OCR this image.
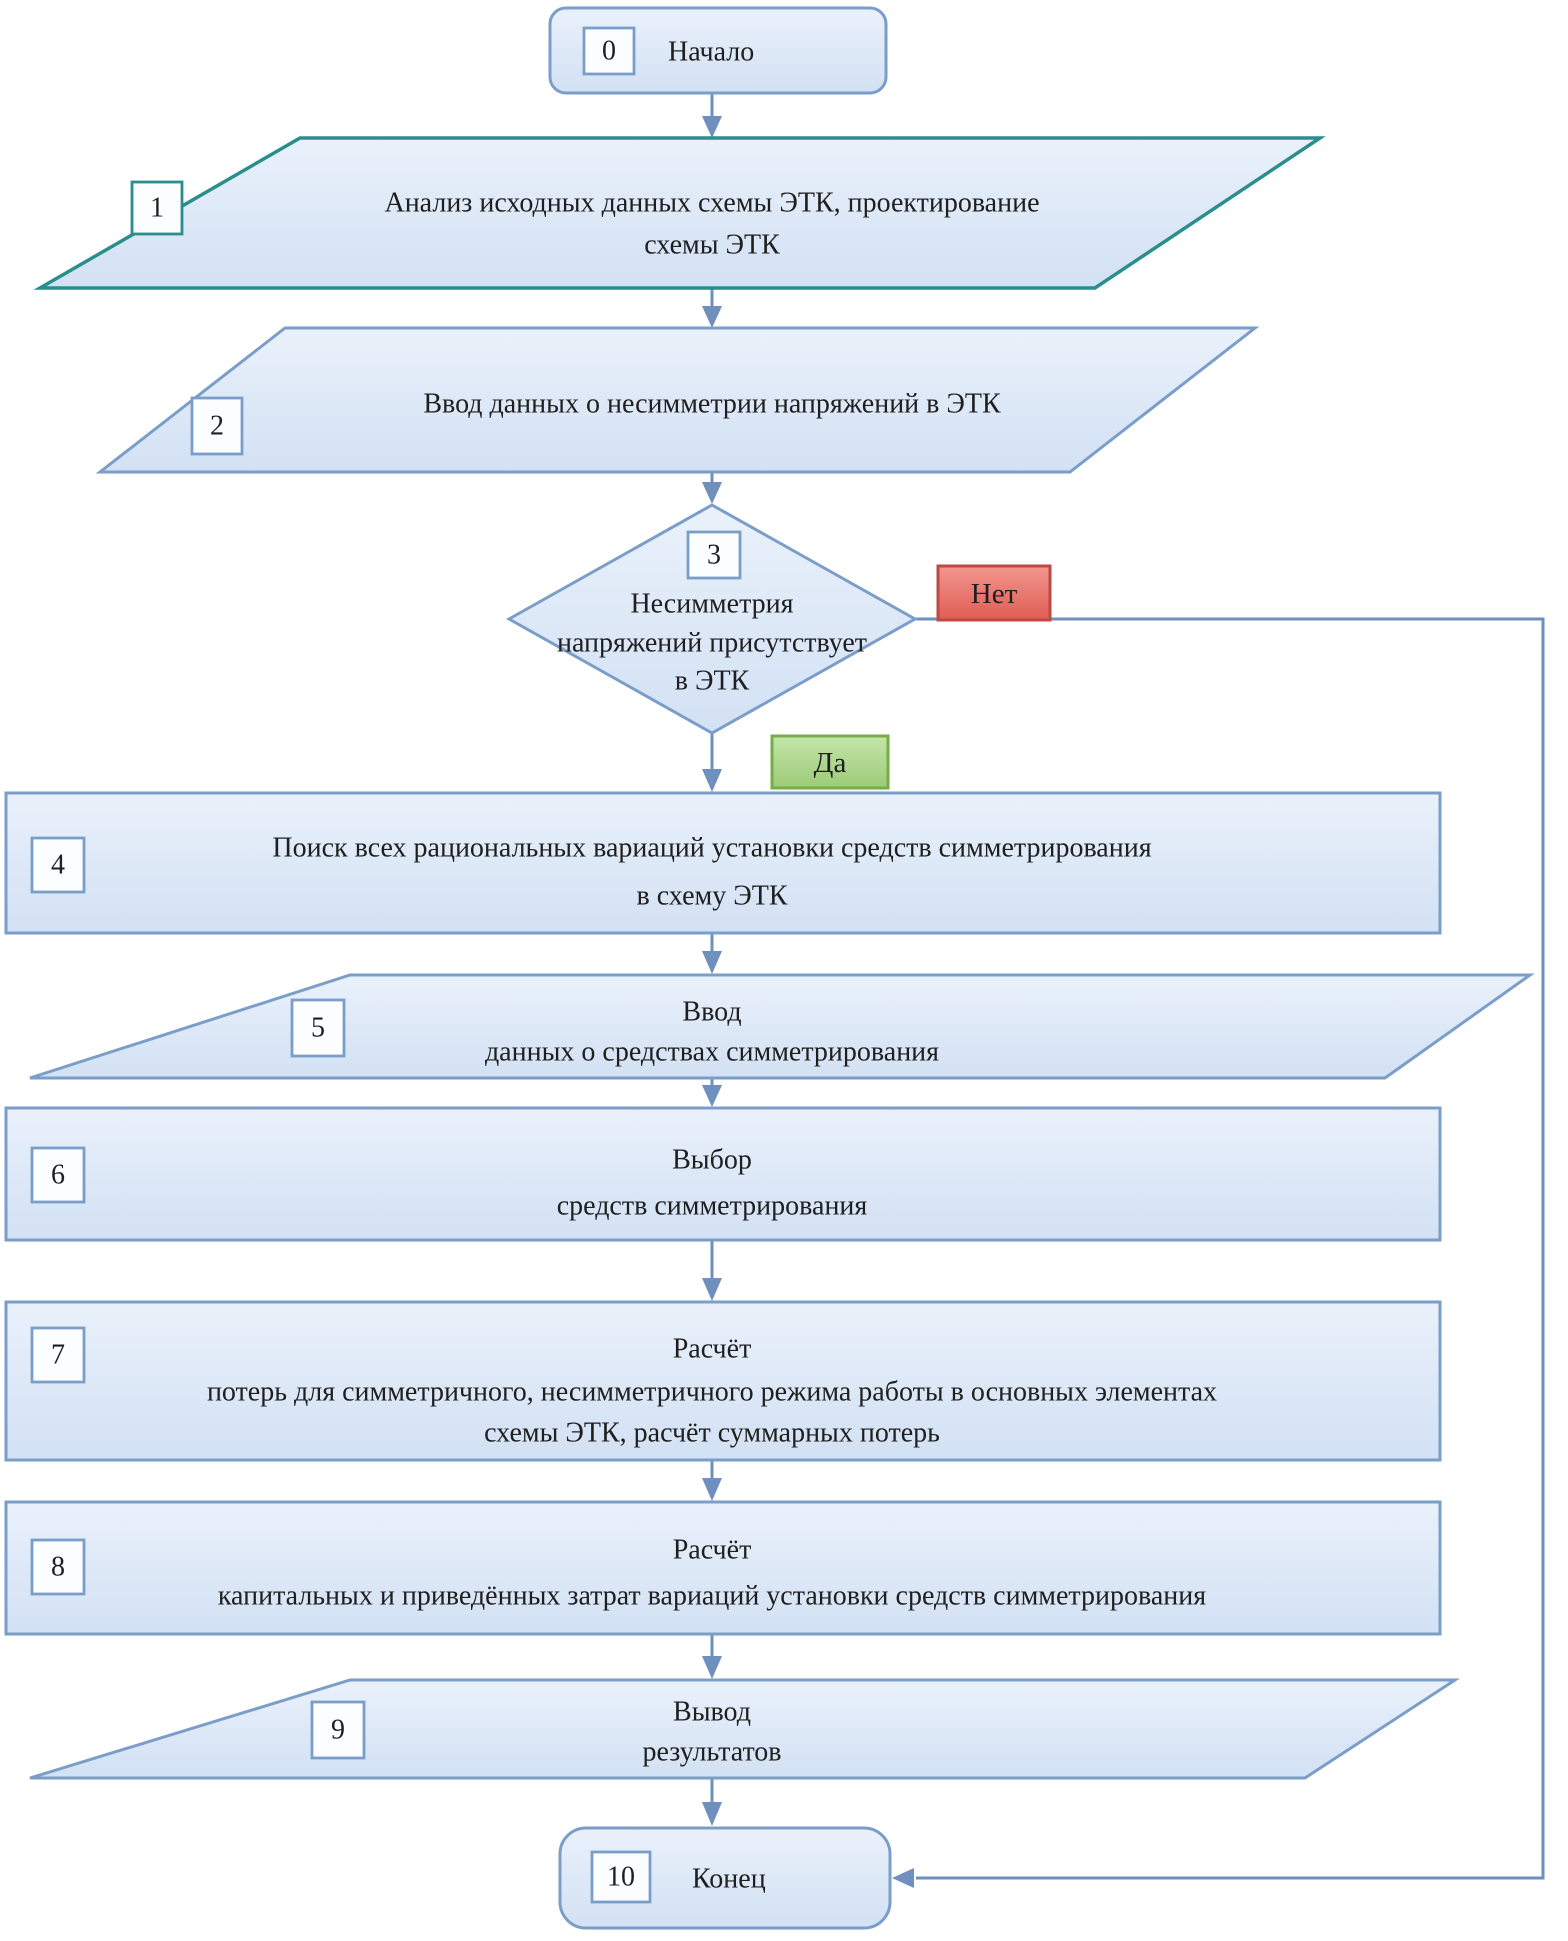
0 Начало
1	Анализ исходных данных схемы ЭТК, проектирование
схемы ЭТК
2
Ввод данных о несимметрии напряжений в ЭТК
3
Несимметрия
напряжений присутствует
в ЭТК
Нет
Да
4
Поиск всех рациональных вариаций установки средств симметрирования
в схему ЭТК
5
Ввод
данных о средствах симметрирования
6	Выбор
средств симметрирования
7	Расчёт
потерь для симметричного, несимметричного режима работы в основных элементах
схемы ЭТК, расчёт суммарных потерь
8
Расчёт
капитальных и приведённых затрат вариаций установки средств симметрирования
9
Вывод
результатов
10 Конец
